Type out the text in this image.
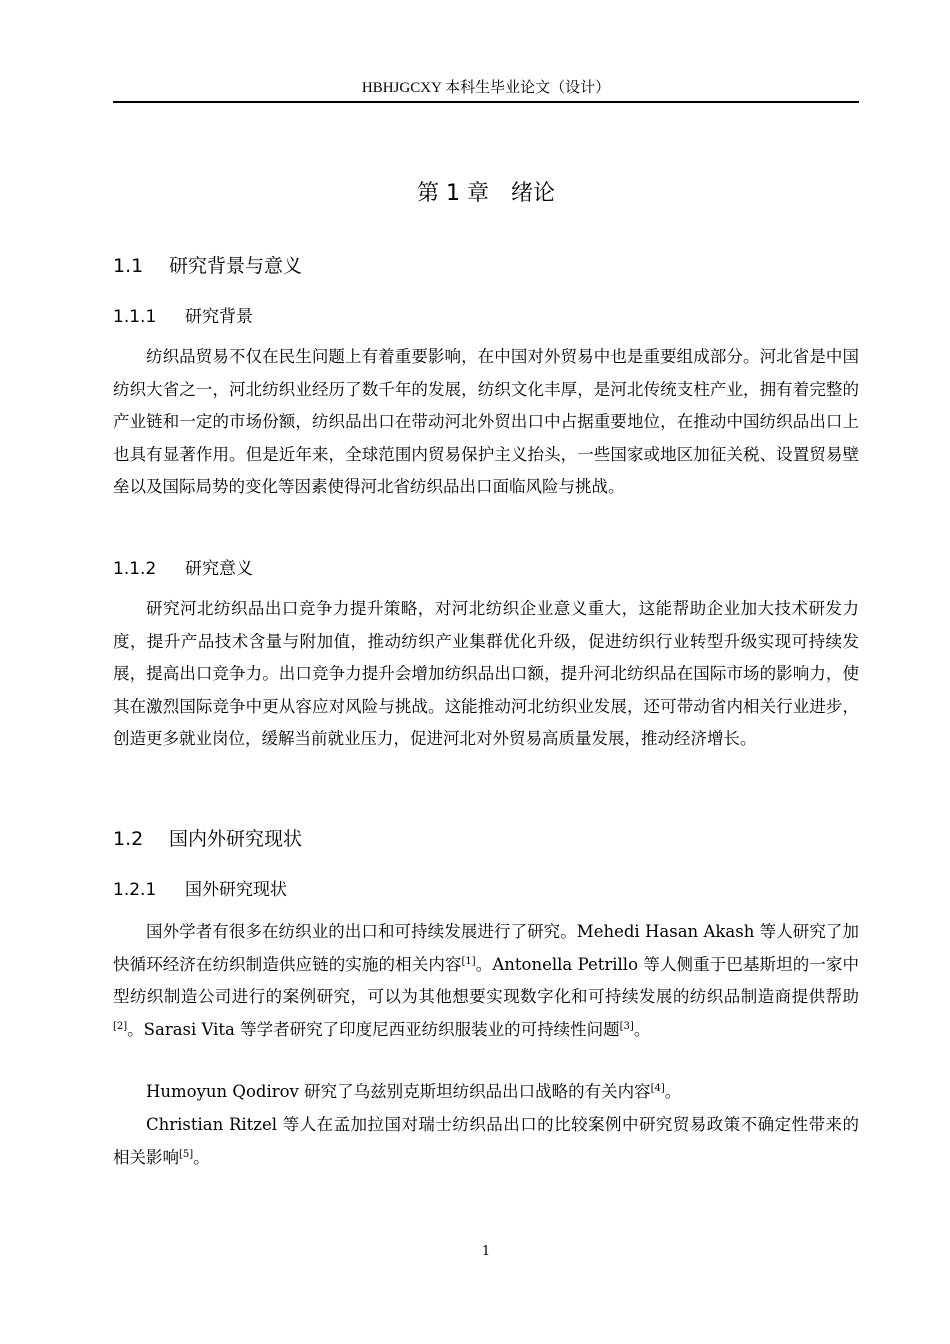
HBHJGCXY 本科生毕业论文（设计）
第 1 章 绪论
1.1 研究背景与意义
1.1.1 研究背景

纺织品贸易不仅在民生问题上有着重要影响，在中国对外贸易中也是重要组成部分。河北省是中国纺织大省之一，河北纺织业经历了数千年的发展，纺织文化丰厚，是河北传统支柱产业，拥有着完整的产业链和一定的市场份额，纺织品出口在带动河北外贸出口中占据重要地位，在推动中国纺织品出口上也具有显著作用。但是近年来，全球范围内贸易保护主义抬头，一些国家或地区加征关税、设置贸易壁垒以及国际局势的变化等因素使得河北省纺织品出口面临风险与挑战。

1.1.2 研究意义

研究河北纺织品出口竞争力提升策略，对河北纺织企业意义重大，这能帮助企业加大技术研发力度，提升产品技术含量与附加值，推动纺织产业集群优化升级，促进纺织行业转型升级实现可持续发展，提高出口竞争力。出口竞争力提升会增加纺织品出口额，提升河北纺织品在国际市场的影响力，使其在激烈国际竞争中更从容应对风险与挑战。这能推动河北纺织业发展，还可带动省内相关行业进步，创造更多就业岗位，缓解当前就业压力，促进河北对外贸易高质量发展，推动经济增长。

1.2 国内外研究现状
1.2.1 国外研究现状

国外学者有很多在纺织业的出口和可持续发展进行了研究。Mehedi Hasan Akash 等人研究了加快循环经济在纺织制造供应链的实施的相关内容[1]。Antonella Petrillo 等人侧重于巴基斯坦的一家中型纺织制造公司进行的案例研究，可以为其他想要实现数字化和可持续发展的纺织品制造商提供帮助[2]。Sarasi Vita 等学者研究了印度尼西亚纺织服装业的可持续性问题[3]。

Humoyun Qodirov 研究了乌兹别克斯坦纺织品出口战略的有关内容[4]。

Christian Ritzel 等人在孟加拉国对瑞士纺织品出口的比较案例中研究贸易政策不确定性带来的相关影响[5]。

1
